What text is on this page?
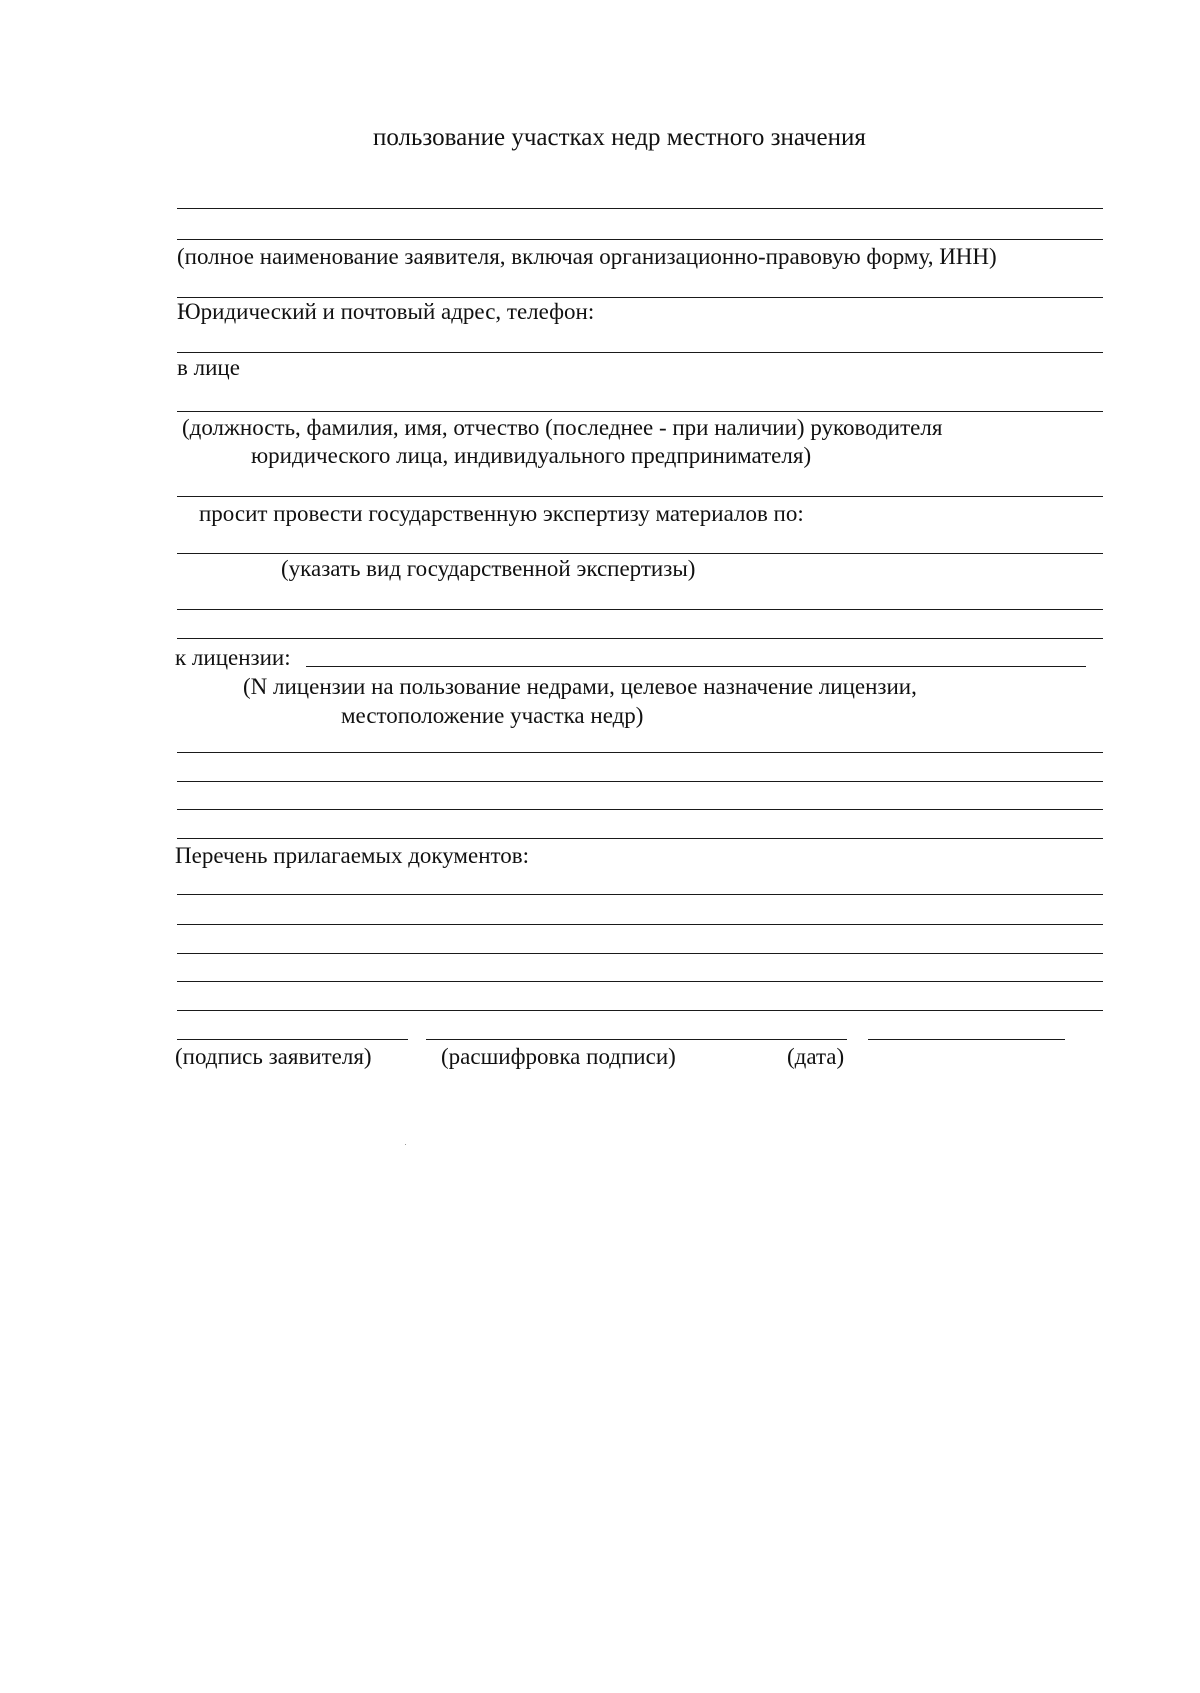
пользование участках недр местного значения
(полное наименование заявителя, включая организационно-правовую форму, ИНН)
Юридический и почтовый адрес, телефон:
в лице
(должность, фамилия, имя, отчество (последнее - при наличии) руководителя
юридического лица, индивидуального предпринимателя)
просит провести государственную экспертизу материалов по:
(указать вид государственной экспертизы)
к лицензии:
(N лицензии на пользование недрами, целевое назначение лицензии,
местоположение участка недр)
Перечень прилагаемых документов:
(подпись заявителя)	(расшифровка подписи)	(дата)
